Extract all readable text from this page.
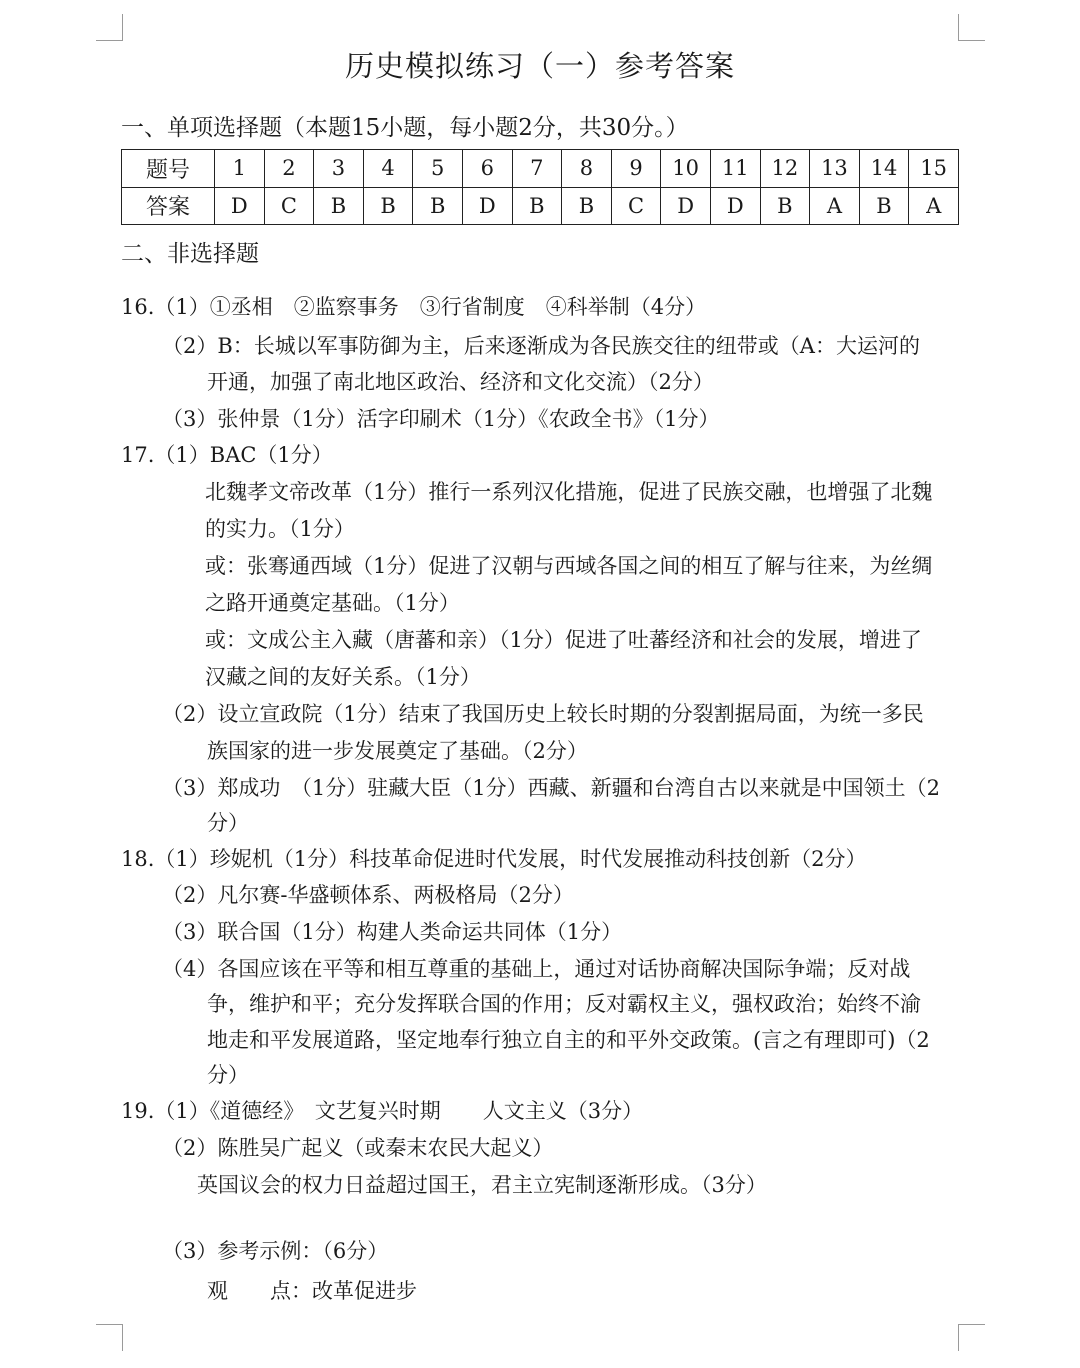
历史模拟练习（一）参考答案
一、单项选择题（本题15小题，每小题2分，共30分。）
题号	1	2	3	4	5	6	7	8	9	10	11	12	13	14	15
答案	D	C	B	B	B	D	B	B	C	D	D	B	A	B	A
二、非选择题
16.（1）①丞相　②监察事务　③行省制度　④科举制（4分）
（2）B：长城以军事防御为主，后来逐渐成为各民族交往的纽带或（A：大运河的
开通，加强了南北地区政治、经济和文化交流）（2分）
（3）张仲景（1分）活字印刷术（1分）《农政全书》（1分）
17.（1）BAC（1分）
北魏孝文帝改革（1分）推行一系列汉化措施，促进了民族交融，也增强了北魏
的实力。（1分）
或：张骞通西域（1分）促进了汉朝与西域各国之间的相互了解与往来，为丝绸
之路开通奠定基础。（1分）
或：文成公主入藏（唐蕃和亲）（1分）促进了吐蕃经济和社会的发展，增进了
汉藏之间的友好关系。（1分）
（2）设立宣政院（1分）结束了我国历史上较长时期的分裂割据局面，为统一多民
族国家的进一步发展奠定了基础。（2分）
（3）郑成功　（1分）驻藏大臣（1分）西藏、新疆和台湾自古以来就是中国领土（2
分）
18.（1）珍妮机（1分）科技革命促进时代发展，时代发展推动科技创新（2分）
（2）凡尔赛-华盛顿体系、两极格局（2分）
（3）联合国（1分）构建人类命运共同体（1分）
（4）各国应该在平等和相互尊重的基础上，通过对话协商解决国际争端；反对战
争，维护和平；充分发挥联合国的作用；反对霸权主义，强权政治；始终不渝
地走和平发展道路，坚定地奉行独立自主的和平外交政策。(言之有理即可)（2
分）
19.（1）《道德经》　文艺复兴时期　　人文主义（3分）
（2）陈胜吴广起义（或秦末农民大起义）
英国议会的权力日益超过国王，君主立宪制逐渐形成。（3分）
（3）参考示例：（6分）
观　　点：改革促进步
